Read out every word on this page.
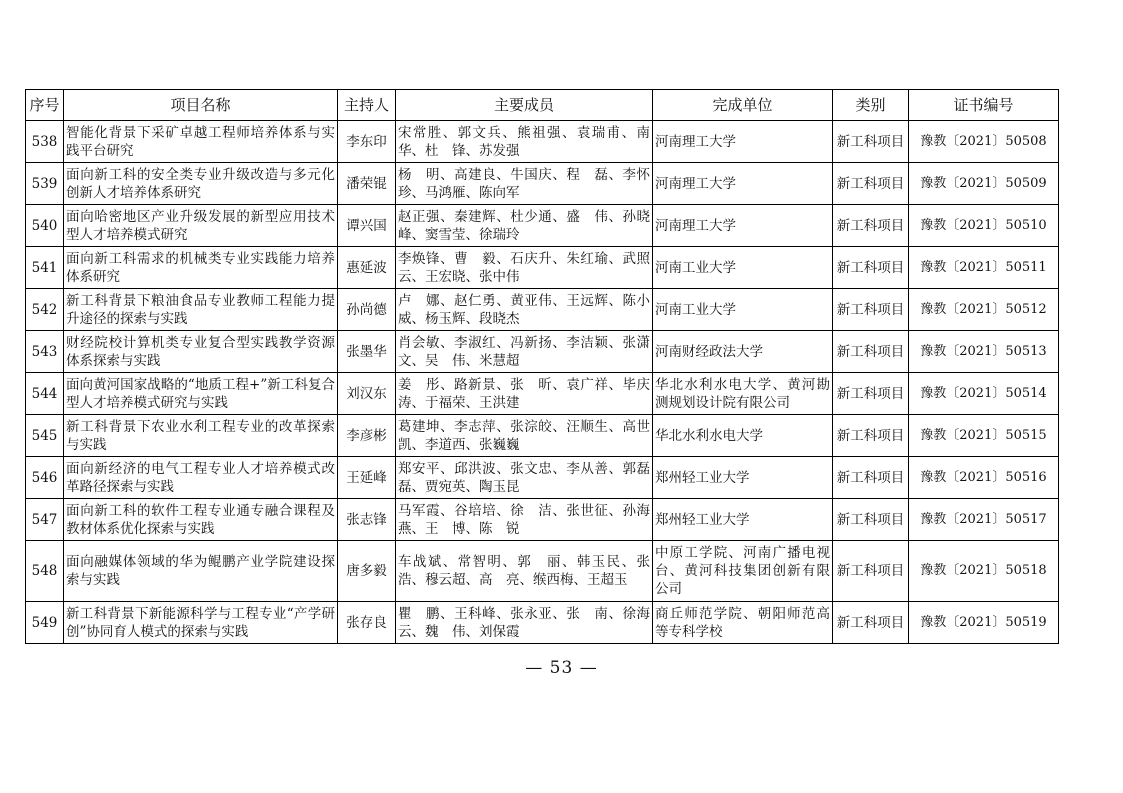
序号	项目名称	主持人	主要成员	完成单位	类别	证书编号
538	智能化背景下采矿卓越工程师培养体系与实践平台研究	李东印	宋常胜、郭文兵、熊祖强、袁瑞甫、南　华、杜　锋、苏发强	河南理工大学	新工科项目	豫教〔2021〕50508
539	面向新工科的安全类专业升级改造与多元化创新人才培养体系研究	潘荣锟	杨　明、高建良、牛国庆、程　磊、李怀珍、马鸿雁、陈向军	河南理工大学	新工科项目	豫教〔2021〕50509
540	面向哈密地区产业升级发展的新型应用技术型人才培养模式研究	谭兴国	赵正强、秦建辉、杜少通、盛　伟、孙晓峰、窦雪莹、徐瑞玲	河南理工大学	新工科项目	豫教〔2021〕50510
541	面向新工科需求的机械类专业实践能力培养体系研究	惠延波	李焕锋、曹　毅、石庆升、朱红瑜、武照云、王宏晓、张中伟	河南工业大学	新工科项目	豫教〔2021〕50511
542	新工科背景下粮油食品专业教师工程能力提升途径的探索与实践	孙尚德	卢　娜、赵仁勇、黄亚伟、王远辉、陈小威、杨玉辉、段晓杰	河南工业大学	新工科项目	豫教〔2021〕50512
543	财经院校计算机类专业复合型实践教学资源体系探索与实践	张墨华	肖会敏、李淑红、冯新扬、李洁颖、张潇文、吴　伟、米慧超	河南财经政法大学	新工科项目	豫教〔2021〕50513
544	面向黄河国家战略的“地质工程+”新工科复合型人才培养模式研究与实践	刘汉东	姜　彤、路新景、张　昕、袁广祥、毕庆涛、于福荣、王洪建	华北水利水电大学、黄河勘测规划设计院有限公司	新工科项目	豫教〔2021〕50514
545	新工科背景下农业水利工程专业的改革探索与实践	李彦彬	葛建坤、李志萍、张淙皎、汪顺生、高世凯、李道西、张巍巍	华北水利水电大学	新工科项目	豫教〔2021〕50515
546	面向新经济的电气工程专业人才培养模式改革路径探索与实践	王延峰	郑安平、邱洪波、张文忠、李从善、郭磊磊、贾宛英、陶玉昆	郑州轻工业大学	新工科项目	豫教〔2021〕50516
547	面向新工科的软件工程专业通专融合课程及教材体系优化探索与实践	张志锋	马军霞、谷培培、徐　洁、张世征、孙海燕、王　博、陈　锐	郑州轻工业大学	新工科项目	豫教〔2021〕50517
548	面向融媒体领域的华为鲲鹏产业学院建设探索与实践	唐多毅	车战斌、常智明、郭　丽、韩玉民、张　浩、穆云超、高　亮、缑西梅、王超玉	中原工学院、河南广播电视台、黄河科技集团创新有限公司	新工科项目	豫教〔2021〕50518
549	新工科背景下新能源科学与工程专业“产学研创”协同育人模式的探索与实践	张存良	瞿　鹏、王科峰、张永亚、张　南、徐海云、魏　伟、刘保霞	商丘师范学院、朝阳师范高等专科学校	新工科项目	豫教〔2021〕50519
— 53 —
